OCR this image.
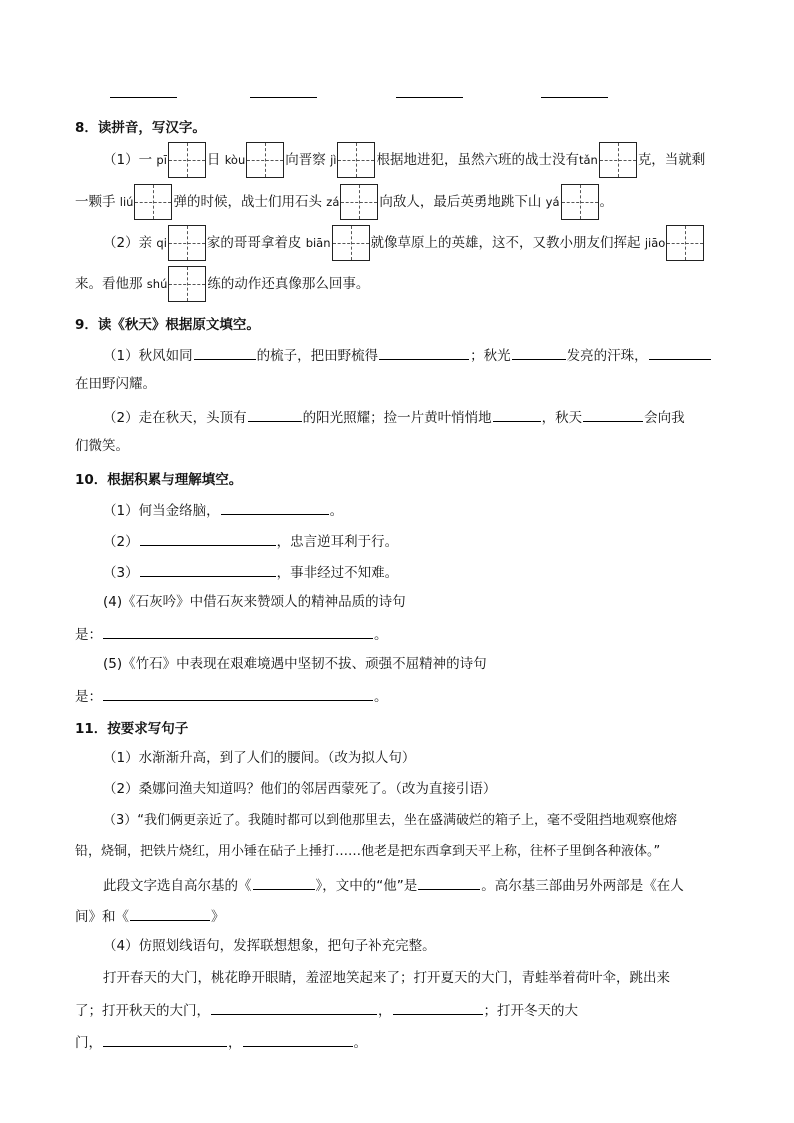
8．读拼音，写汉字。
（1）一 pī	日 kòu	向晋察 jì	根据地进犯，虽然六班的战士没有tǎn	克，当就剩
一颗手 liú	弹的时候，战士们用石头 zá	向敌人，最后英勇地跳下山 yá	。
（2）亲 qi	家的哥哥拿着皮 biān	就像草原上的英雄，这不，又教小朋友们挥起 jiāo
来。看他那 shú	练的动作还真像那么回事。
9．读《秋天》根据原文填空。
（1）秋风如同	的梳子，把田野梳得	；秋光	发亮的汗珠，
在田野闪耀。
（2）走在秋天，头顶有	的阳光照耀；捡一片黄叶悄悄地	，秋天	会向我
们微笑。
10．根据积累与理解填空。
（1）何当金络脑，	。
（2）	，忠言逆耳利于行。
（3）	，事非经过不知难。
(4)《石灰吟》中借石灰来赞颂人的精神品质的诗句
是：	。
(5)《竹石》中表现在艰难境遇中坚韧不拔、顽强不屈精神的诗句
是：	。
11．按要求写句子
（1）水渐渐升高，到了人们的腰间。（改为拟人句）
（2）桑娜问渔夫知道吗？他们的邻居西蒙死了。（改为直接引语）
（3）“我们俩更亲近了。我随时都可以到他那里去，坐在盛满破烂的箱子上，毫不受阻挡地观察他熔
铅，烧铜，把铁片烧红，用小锤在砧子上捶打……他老是把东西拿到天平上称，往杯子里倒各种液体。”
此段文字选自高尔基的《	》，文中的“他”是	。高尔基三部曲另外两部是《在人
间》和《	》
（4）仿照划线语句，发挥联想想象，把句子补充完整。
打开春天的大门，桃花睁开眼睛，羞涩地笑起来了；打开夏天的大门，青蛙举着荷叶伞，跳出来
了；打开秋天的大门，	，	；打开冬天的大
门，	，	。
